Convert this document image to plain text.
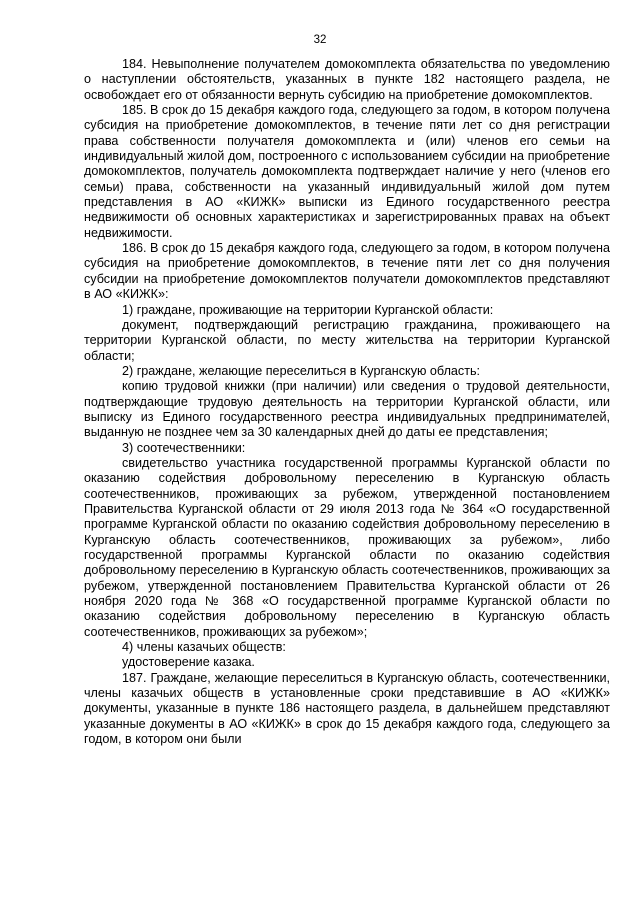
32

184. Невыполнение получателем домокомплекта обязательства по уведомлению о наступлении обстоятельств, указанных в пункте 182 настоящего раздела, не освобождает его от обязанности вернуть субсидию на приобретение домокомплектов.

185. В срок до 15 декабря каждого года, следующего за годом, в котором получена субсидия на приобретение домокомплектов, в течение пяти лет со дня регистрации права собственности получателя домокомплекта и (или) членов его семьи на индивидуальный жилой дом, построенного с использованием субсидии на приобретение домокомплектов, получатель домокомплекта подтверждает наличие у него (членов его семьи) права, собственности на указанный индивидуальный жилой дом путем представления в АО «КИЖК» выписки из Единого государственного реестра недвижимости об основных характеристиках и зарегистрированных правах на объект недвижимости.

186. В срок до 15 декабря каждого года, следующего за годом, в котором получена субсидия на приобретение домокомплектов, в течение пяти лет со дня получения субсидии на приобретение домокомплектов получатели домокомплектов представляют в АО «КИЖК»:

1) граждане, проживающие на территории Курганской области:

документ, подтверждающий регистрацию гражданина, проживающего на территории Курганской области, по месту жительства на территории Курганской области;

2) граждане, желающие переселиться в Курганскую область:

копию трудовой книжки (при наличии) или сведения о трудовой деятельности, подтверждающие трудовую деятельность на территории Курганской области, или выписку из Единого государственного реестра индивидуальных предпринимателей, выданную не позднее чем за 30 календарных дней до даты ее представления;

3) соотечественники:

свидетельство участника государственной программы Курганской области по оказанию содействия добровольному переселению в Курганскую область соотечественников, проживающих за рубежом, утвержденной постановлением Правительства Курганской области от 29 июля 2013 года № 364 «О государственной программе Курганской области по оказанию содействия добровольному переселению в Курганскую область соотечественников, проживающих за рубежом», либо государственной программы Курганской области по оказанию содействия добровольному переселению в Курганскую область соотечественников, проживающих за рубежом, утвержденной постановлением Правительства Курганской области от 26 ноября 2020 года № 368 «О государственной программе Курганской области по оказанию содействия добровольному переселению в Курганскую область соотечественников, проживающих за рубежом»;

4) члены казачьих обществ:

удостоверение казака.

187. Граждане, желающие переселиться в Курганскую область, соотечественники, члены казачьих обществ в установленные сроки представившие в АО «КИЖК» документы, указанные в пункте 186 настоящего раздела, в дальнейшем представляют указанные документы в АО «КИЖК» в срок до 15 декабря каждого года, следующего за годом, в котором они были
